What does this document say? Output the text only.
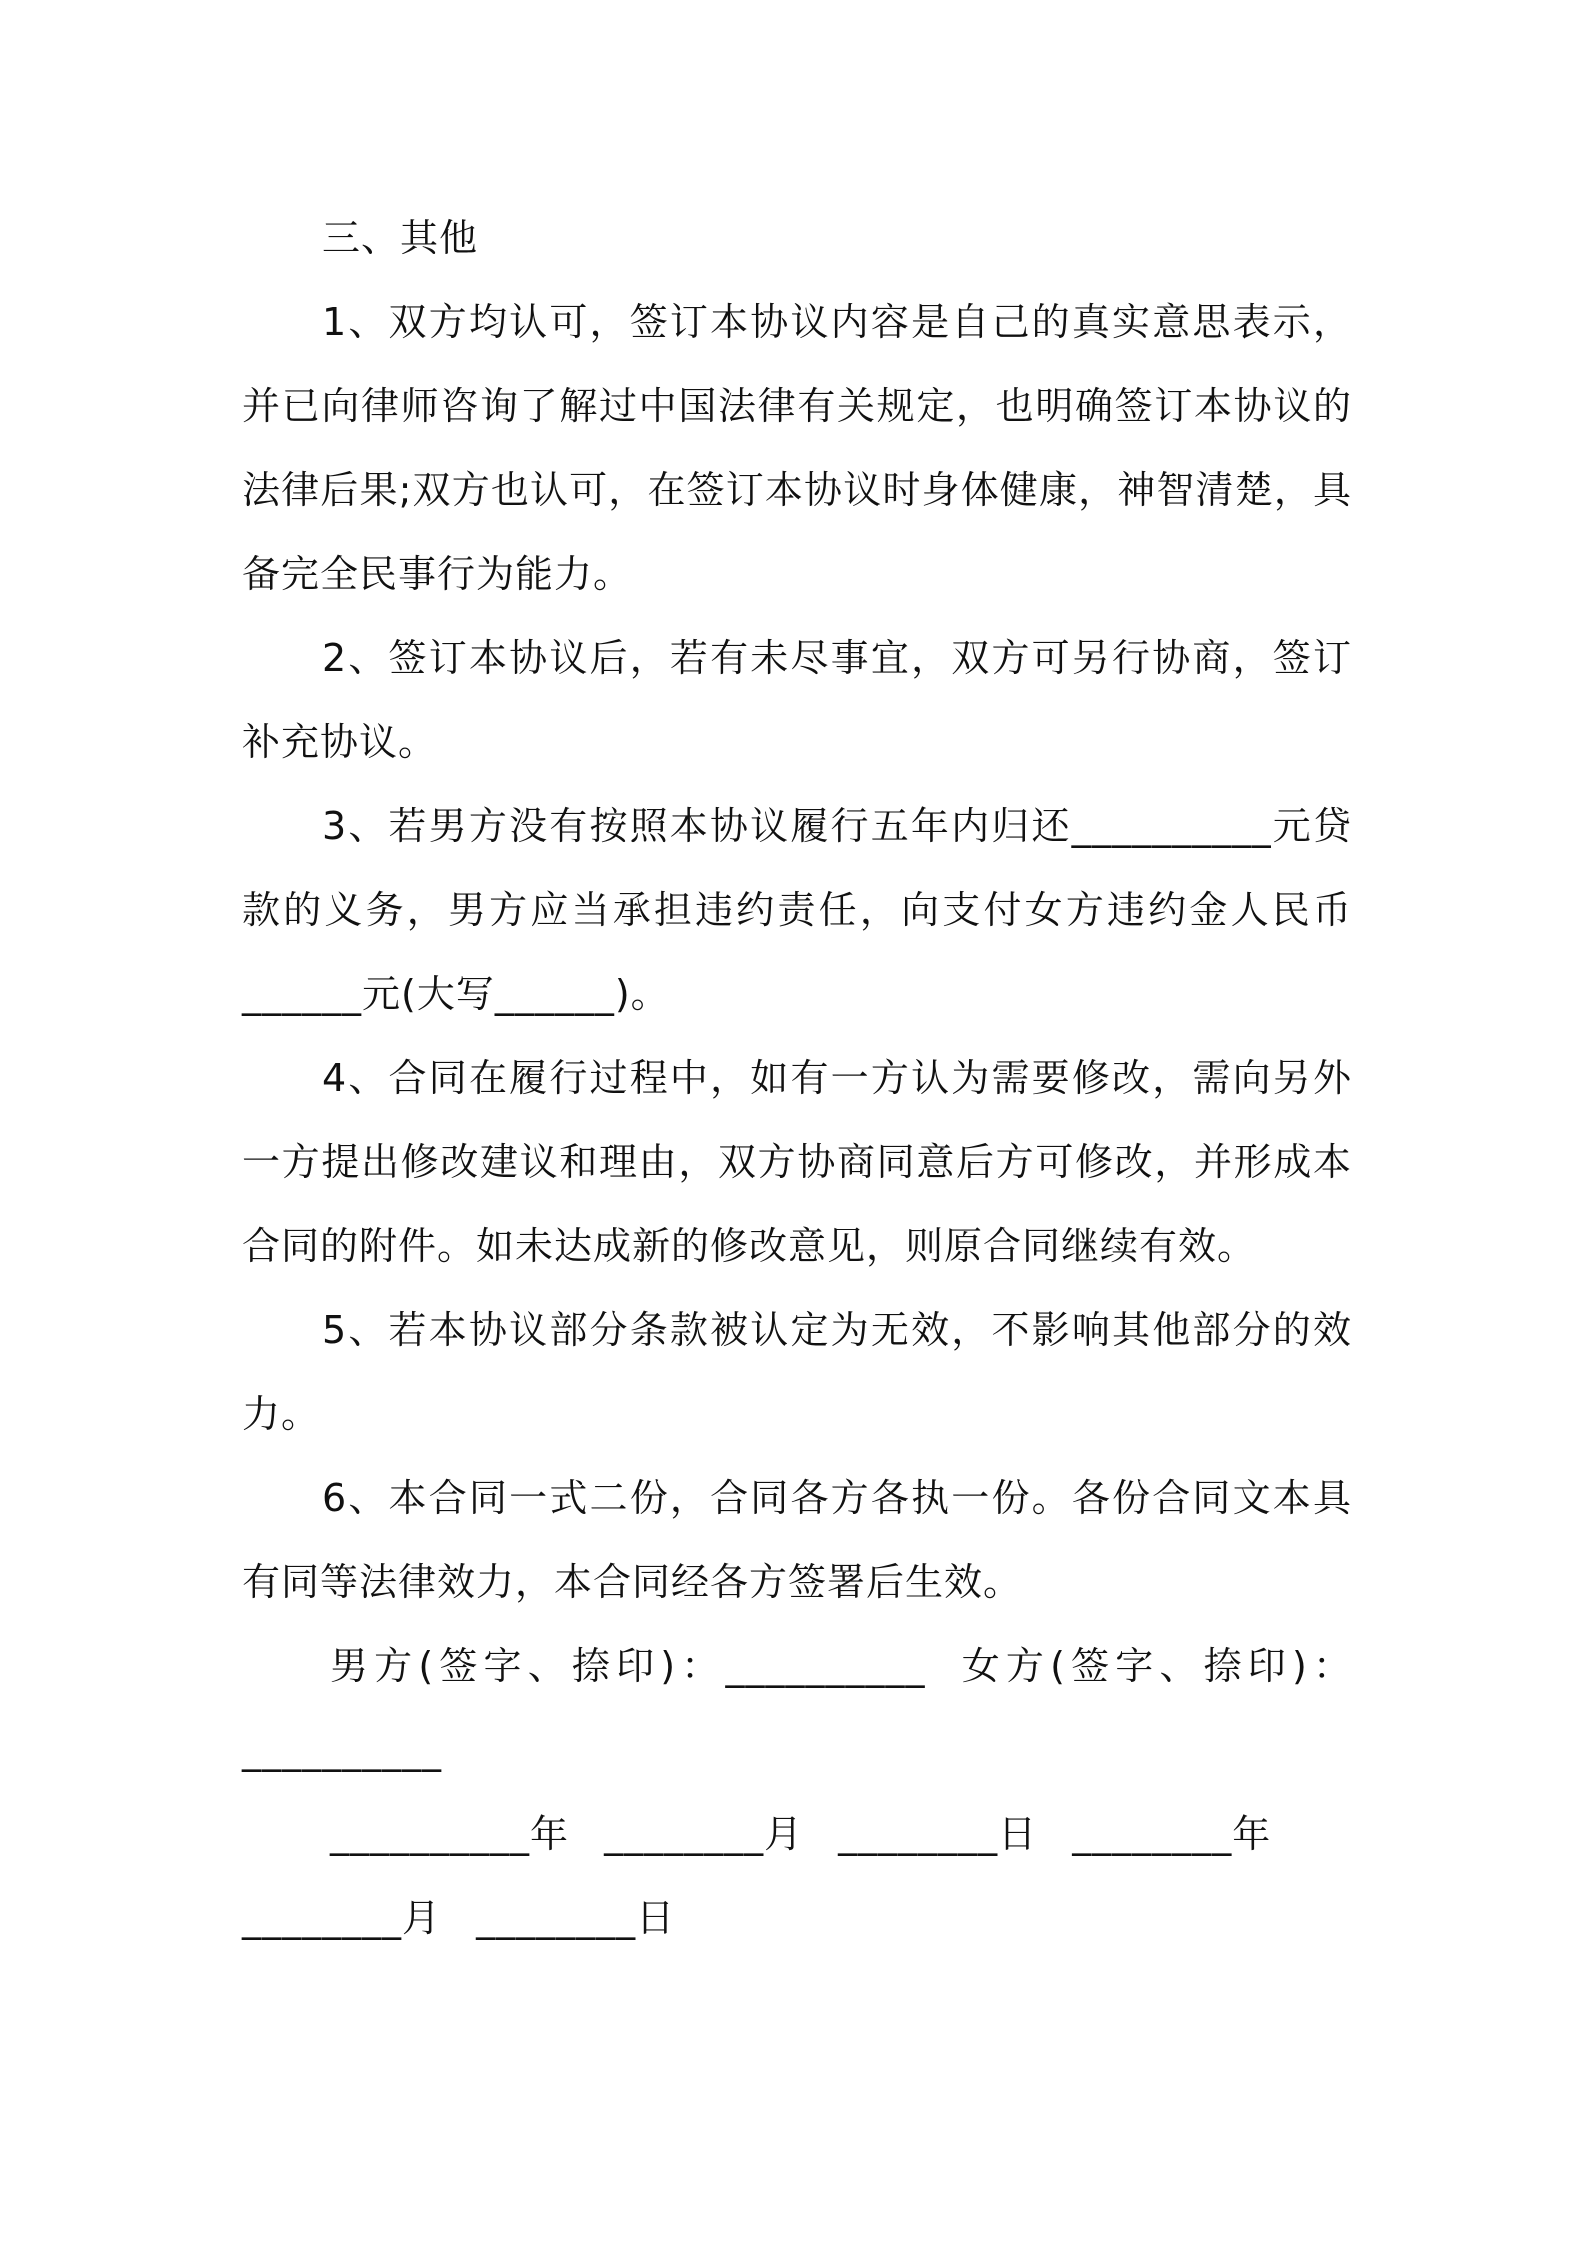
三、其他

1、双方均认可，签订本协议内容是自己的真实意思表示，并已向律师咨询了解过中国法律有关规定，也明确签订本协议的法律后果;双方也认可，在签订本协议时身体健康，神智清楚，具备完全民事行为能力。

2、签订本协议后，若有未尽事宜，双方可另行协商，签订补充协议。

3、若男方没有按照本协议履行五年内归还__________元贷款的义务，男方应当承担违约责任，向支付女方违约金人民币______元(大写______)。

4、合同在履行过程中，如有一方认为需要修改，需向另外一方提出修改建议和理由，双方协商同意后方可修改，并形成本合同的附件。如未达成新的修改意见，则原合同继续有效。

5、若本协议部分条款被认定为无效，不影响其他部分的效力。

6、本合同一式二份，合同各方各执一份。各份合同文本具有同等法律效力，本合同经各方签署后生效。

男方(签字、捺印)：__________ 女方(签字、捺印)：__________

__________年 ________月 ________日 ________年 ________月 ________日
